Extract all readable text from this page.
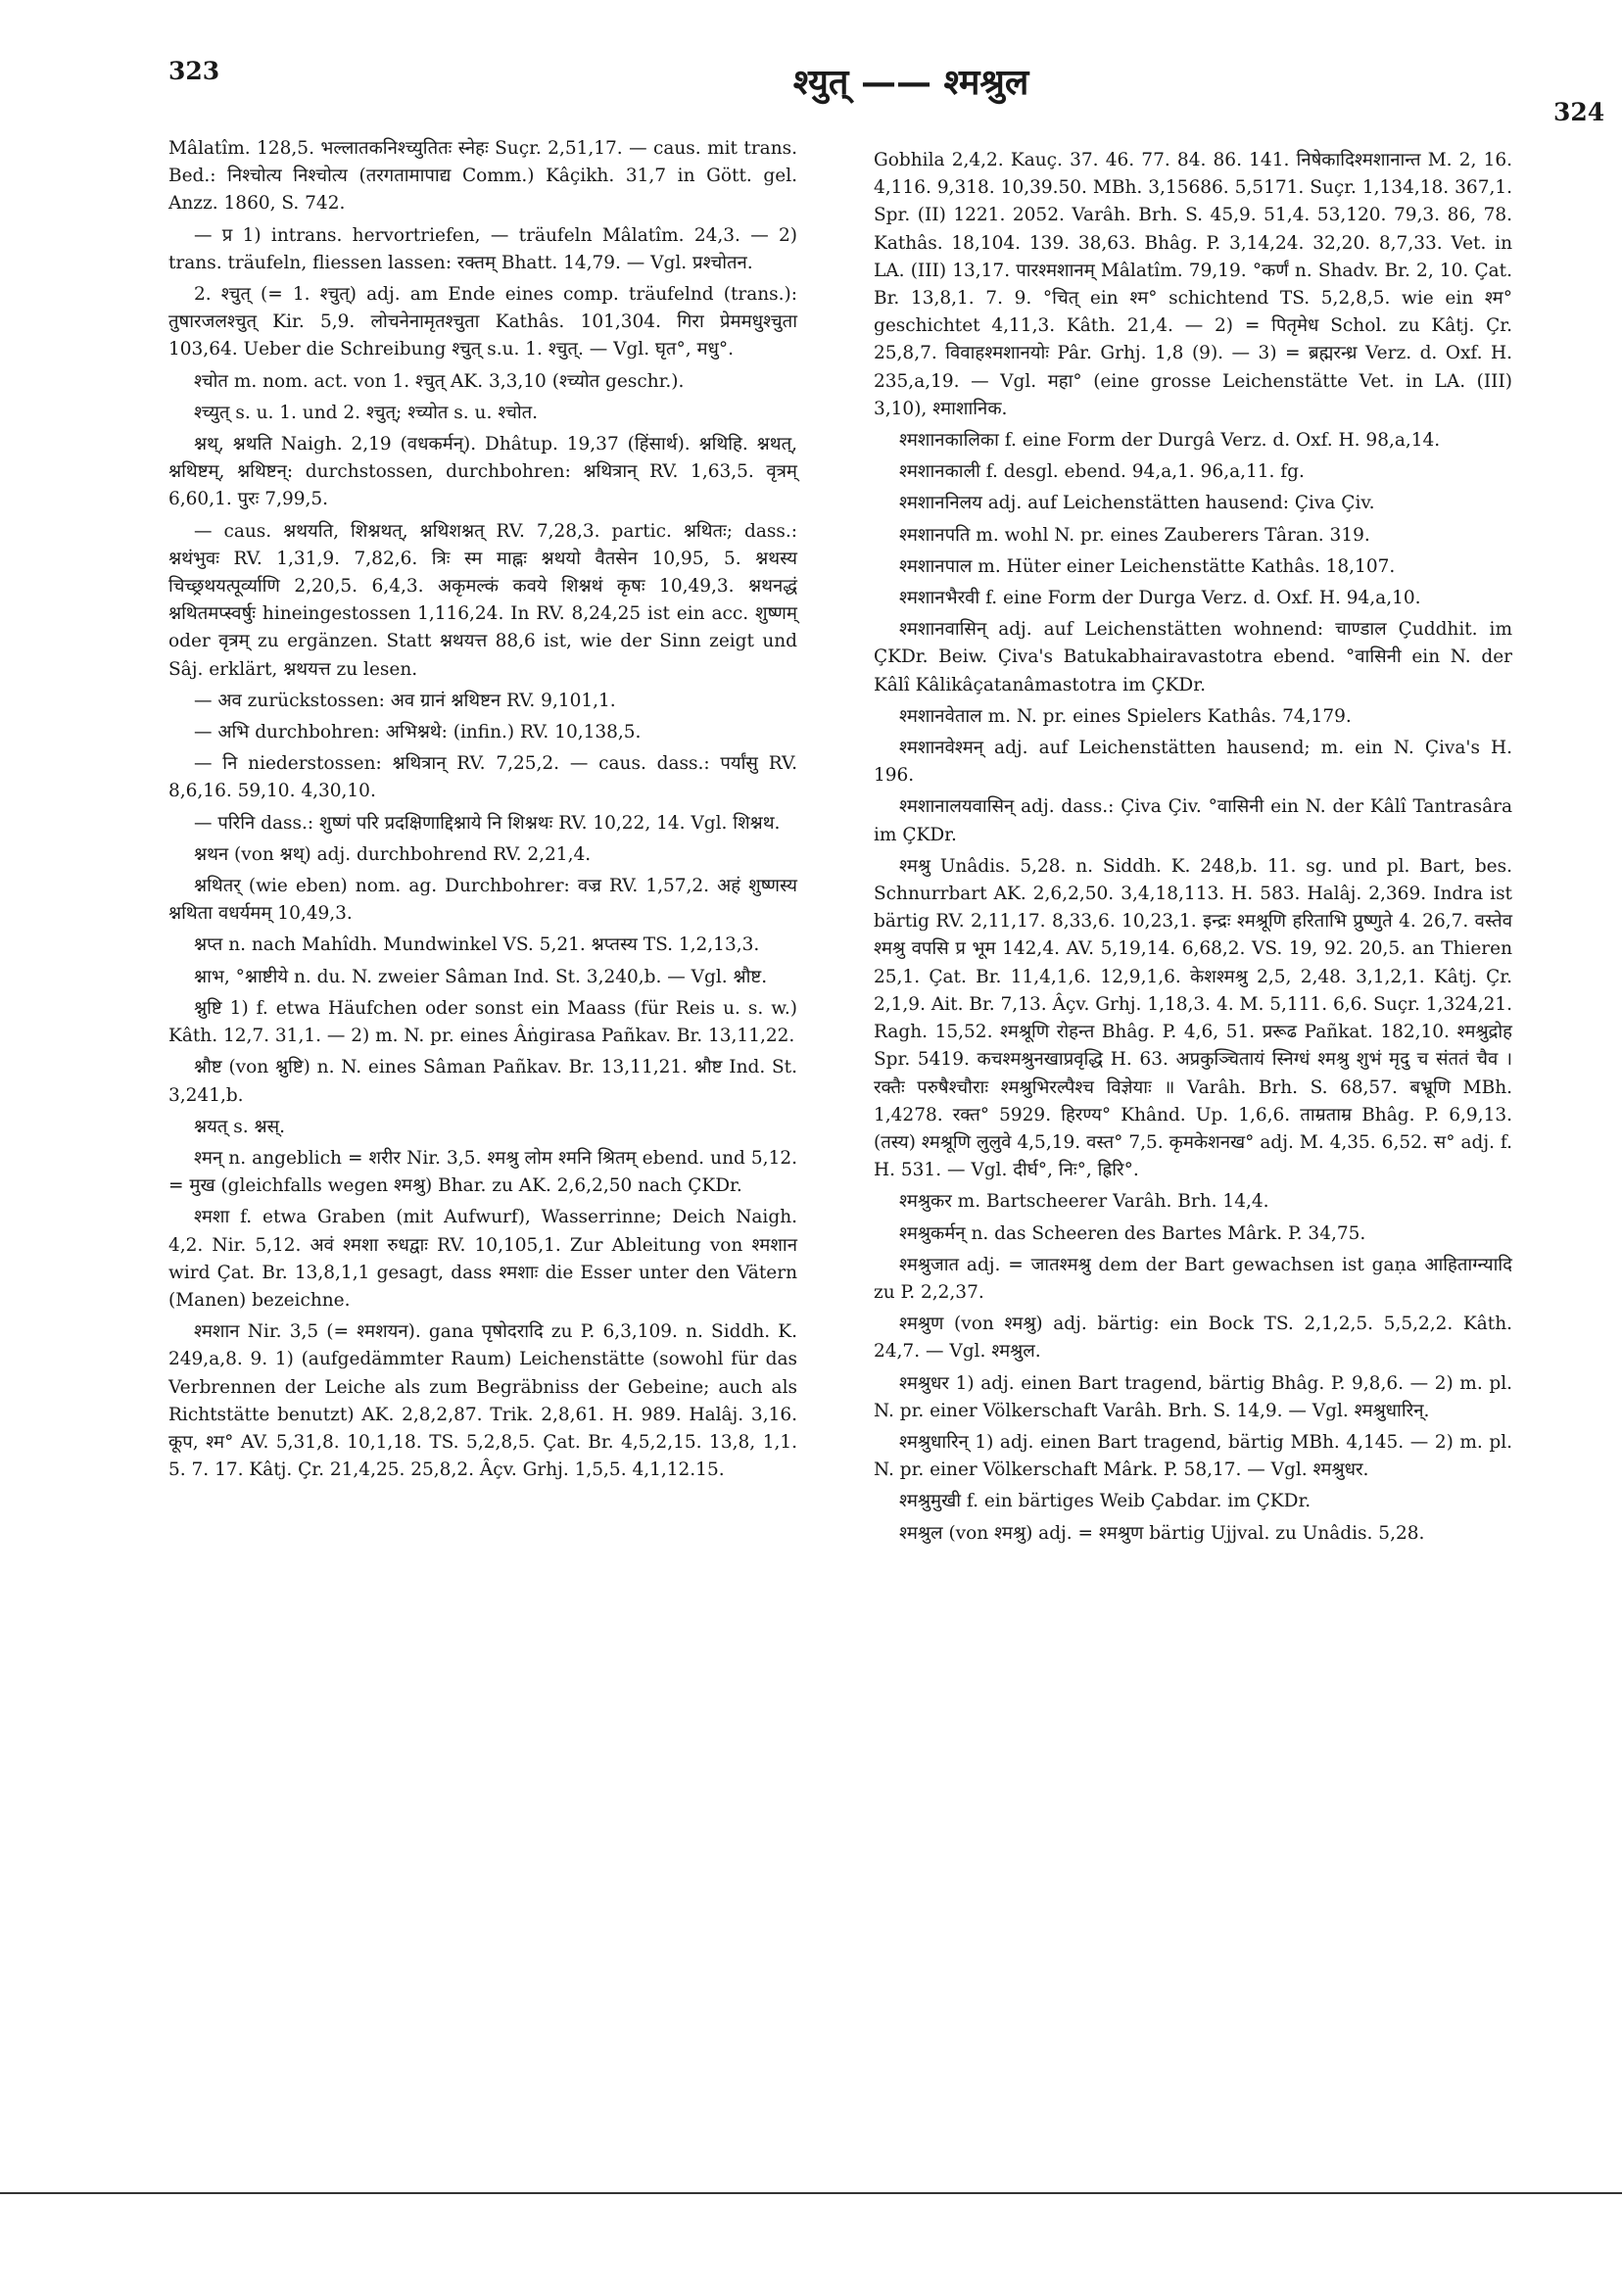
323	श्युत् —— श्मश्रुल
324

Mâlatîm. 128,5. भल्लातकनिश्च्युतितः स्नेहः Suçr. 2,51,17. — caus. mit trans. Bed.: निश्चोत्य निश्चोत्य (तरगतामापाद्य Comm.) Kâçikh. 31,7 in Gött. gel. Anzz. 1860, S. 742.

— प्र 1) intrans. hervortriefen, — träufeln Mâlatîm. 24,3. — 2) trans. träufeln, fliessen lassen: रक्तम् Bhatt. 14,79. — Vgl. प्रश्चोतन.

2. श्चुत् (= 1. श्चुत्) adj. am Ende eines comp. träufelnd (trans.): तुषारजलश्चुत् Kir. 5,9. लोचनेनामृतश्चुता Kathâs. 101,304. गिरा प्रेममधुश्चुता 103,64. Ueber die Schreibung श्चुत् s.u. 1. श्चुत्. — Vgl. घृत°, मधु°.

श्चोत m. nom. act. von 1. श्चुत् AK. 3,3,10 (श्च्योत geschr.).

श्च्युत् s. u. 1. und 2. श्चुत्; श्च्योत s. u. श्चोत.

श्नथ्, श्नथति Naigh. 2,19 (वधकर्मन्). Dhâtup. 19,37 (हिंसार्थ). श्नथिहि. श्नथत्, श्नथिष्टम्, श्नथिष्टन्: durchstossen, durchbohren: श्नथित्रान् RV. 1,63,5. वृत्रम् 6,60,1. पुरः 7,99,5.

— caus. श्नथयति, शिश्नथत्, श्नथिशश्नत् RV. 7,28,3. partic. श्नथितः; dass.: श्नथंभुवः RV. 1,31,9. 7,82,6. त्रिः स्म माह्नः श्नथयो वैतसेन 10,95, 5. श्नथस्य चिच्छ्रथयत्पूर्व्याणि 2,20,5. 6,4,3. अकृमल्कं कवये शिश्नथं कृषः 10,49,3. श्नथनद्धं श्नथितमप्स्वर्षुः hineingestossen 1,116,24. In RV. 8,24,25 ist ein acc. शुष्णम् oder वृत्रम् zu ergänzen. Statt श्नथयत्त 88,6 ist, wie der Sinn zeigt und Sâj. erklärt, श्नथयत्त zu lesen.

— अव zurückstossen: अव ग्रानं श्नथिष्टन RV. 9,101,1.

— अभि durchbohren: अभिश्नथे: (infin.) RV. 10,138,5.

— नि niederstossen: श्नथित्रान् RV. 7,25,2. — caus. dass.: पर्यांसु RV. 8,6,16. 59,10. 4,30,10.

— परिनि dass.: शुष्णं परि प्रदक्षिणाद्दिश्नाये नि शिश्नथः RV. 10,22, 14. Vgl. शिश्नथ.

श्नथन (von श्नथ्) adj. durchbohrend RV. 2,21,4.

श्नथितर् (wie eben) nom. ag. Durchbohrer: वज्र RV. 1,57,2. अहं शुष्णस्य श्नथिता वधर्यमम् 10,49,3.

श्नप्त n. nach Mahîdh. Mundwinkel VS. 5,21. श्नप्तस्य TS. 1,2,13,3.

श्नाभ, °श्नाष्टीये n. du. N. zweier Sâman Ind. St. 3,240,b. — Vgl. श्नौष्ट.

श्नुष्टि 1) f. etwa Häufchen oder sonst ein Maass (für Reis u. s. w.) Kâth. 12,7. 31,1. — 2) m. N. pr. eines Âṅgirasa Pañkav. Br. 13,11,22.

श्नौष्ट (von श्नुष्टि) n. N. eines Sâman Pañkav. Br. 13,11,21. श्नौष्ट Ind. St. 3,241,b.

श्नयत् s. श्नस्.

श्मन् n. angeblich = शरीर Nir. 3,5. श्मश्रु लोम श्मनि श्रितम् ebend. und 5,12. = मुख (gleichfalls wegen श्मश्रु) Bhar. zu AK. 2,6,2,50 nach ÇKDr.

श्मशा f. etwa Graben (mit Aufwurf), Wasserrinne; Deich Naigh. 4,2. Nir. 5,12. अवं श्मशा रुधद्वाः RV. 10,105,1. Zur Ableitung von श्मशान wird Çat. Br. 13,8,1,1 gesagt, dass श्मशाः die Esser unter den Vätern (Manen) bezeichne.

श्मशान Nir. 3,5 (= श्मशयन). gana पृषोदरादि zu P. 6,3,109. n. Siddh. K. 249,a,8. 9. 1) (aufgedämmter Raum) Leichenstätte (sowohl für das Verbrennen der Leiche als zum Begräbniss der Gebeine; auch als Richtstätte benutzt) AK. 2,8,2,87. Trik. 2,8,61. H. 989. Halâj. 3,16. कूप, श्म° AV. 5,31,8. 10,1,18. TS. 5,2,8,5. Çat. Br. 4,5,2,15. 13,8, 1,1. 5. 7. 17. Kâtj. Çr. 21,4,25. 25,8,2. Âçv. Grhj. 1,5,5. 4,1,12.15.

Gobhila 2,4,2. Kauç. 37. 46. 77. 84. 86. 141. निषेकादिश्मशानान्त M. 2, 16. 4,116. 9,318. 10,39.50. MBh. 3,15686. 5,5171. Suçr. 1,134,18. 367,1. Spr. (II) 1221. 2052. Varâh. Brh. S. 45,9. 51,4. 53,120. 79,3. 86, 78. Kathâs. 18,104. 139. 38,63. Bhâg. P. 3,14,24. 32,20. 8,7,33. Vet. in LA. (III) 13,17. पारश्मशानम् Mâlatîm. 79,19. °कर्णं n. Shadv. Br. 2, 10. Çat. Br. 13,8,1. 7. 9. °चित् ein श्म° schichtend TS. 5,2,8,5. wie ein श्म° geschichtet 4,11,3. Kâth. 21,4. — 2) = पितृमेध Schol. zu Kâtj. Çr. 25,8,7. विवाहश्मशानयोः Pâr. Grhj. 1,8 (9). — 3) = ब्रह्मरन्ध्र Verz. d. Oxf. H. 235,a,19. — Vgl. महा° (eine grosse Leichenstätte Vet. in LA. (III) 3,10), श्माशानिक.

श्मशानकालिका f. eine Form der Durgâ Verz. d. Oxf. H. 98,a,14.

श्मशानकाली f. desgl. ebend. 94,a,1. 96,a,11. fg.

श्मशाननिलय adj. auf Leichenstätten hausend: Çiva Çiv.

श्मशानपति m. wohl N. pr. eines Zauberers Târan. 319.

श्मशानपाल m. Hüter einer Leichenstätte Kathâs. 18,107.

श्मशानभैरवी f. eine Form der Durga Verz. d. Oxf. H. 94,a,10.

श्मशानवासिन् adj. auf Leichenstätten wohnend: चाण्डाल Çuddhit. im ÇKDr. Beiw. Çiva's Batukabhairavastotra ebend. °वासिनी ein N. der Kâlî Kâlikâçatanâmastotra im ÇKDr.

श्मशानवेताल m. N. pr. eines Spielers Kathâs. 74,179.

श्मशानवेश्मन् adj. auf Leichenstätten hausend; m. ein N. Çiva's H. 196.

श्मशानालयवासिन् adj. dass.: Çiva Çiv. °वासिनी ein N. der Kâlî Tantrasâra im ÇKDr.

श्मश्रु Unâdis. 5,28. n. Siddh. K. 248,b. 11. sg. und pl. Bart, bes. Schnurrbart AK. 2,6,2,50. 3,4,18,113. H. 583. Halâj. 2,369. Indra ist bärtig RV. 2,11,17. 8,33,6. 10,23,1. इन्द्रः श्मश्रूणि हरिताभि प्रुष्णुते 4. 26,7. वस्तेव श्मश्रु वपसि प्र भूम 142,4. AV. 5,19,14. 6,68,2. VS. 19, 92. 20,5. an Thieren 25,1. Çat. Br. 11,4,1,6. 12,9,1,6. केशश्मश्रु 2,5, 2,48. 3,1,2,1. Kâtj. Çr. 2,1,9. Ait. Br. 7,13. Âçv. Grhj. 1,18,3. 4. M. 5,111. 6,6. Suçr. 1,324,21. Ragh. 15,52. श्मश्रूणि रोहन्त Bhâg. P. 4,6, 51. प्ररूढ Pañkat. 182,10. श्मश्रुद्रोह Spr. 5419. कचश्मश्रुनखाप्रवृद्धि H. 63. अप्रकुञ्चितायं स्निग्धं श्मश्रु शुभं मृदु च संततं चैव । रक्तैः परुषैश्चौराः श्मश्रुभिरल्पैश्च विज्ञेयाः ॥ Varâh. Brh. S. 68,57. बभ्रूणि MBh. 1,4278. रक्त° 5929. हिरण्य° Khând. Up. 1,6,6. ताम्रताम्र Bhâg. P. 6,9,13. (तस्य) श्मश्रूणि लुलुवे 4,5,19. वस्त° 7,5. कृमकेशनख° adj. M. 4,35. 6,52. स° adj. f. H. 531. — Vgl. दीर्घ°, निः°, ह्रिरि°.

श्मश्रुकर m. Bartscheerer Varâh. Brh. 14,4.

श्मश्रुकर्मन् n. das Scheeren des Bartes Mârk. P. 34,75.

श्मश्रुजात adj. = जातश्मश्रु dem der Bart gewachsen ist gaṇa आहिताग्न्यादि zu P. 2,2,37.

श्मश्रुण (von श्मश्रु) adj. bärtig: ein Bock TS. 2,1,2,5. 5,5,2,2. Kâth. 24,7. — Vgl. श्मश्रुल.

श्मश्रुधर 1) adj. einen Bart tragend, bärtig Bhâg. P. 9,8,6. — 2) m. pl. N. pr. einer Völkerschaft Varâh. Brh. S. 14,9. — Vgl. श्मश्रुधारिन्.

श्मश्रुधारिन् 1) adj. einen Bart tragend, bärtig MBh. 4,145. — 2) m. pl. N. pr. einer Völkerschaft Mârk. P. 58,17. — Vgl. श्मश्रुधर.

श्मश्रुमुखी f. ein bärtiges Weib Çabdar. im ÇKDr.

श्मश्रुल (von श्मश्रु) adj. = श्मश्रुण bärtig Ujjval. zu Unâdis. 5,28.
